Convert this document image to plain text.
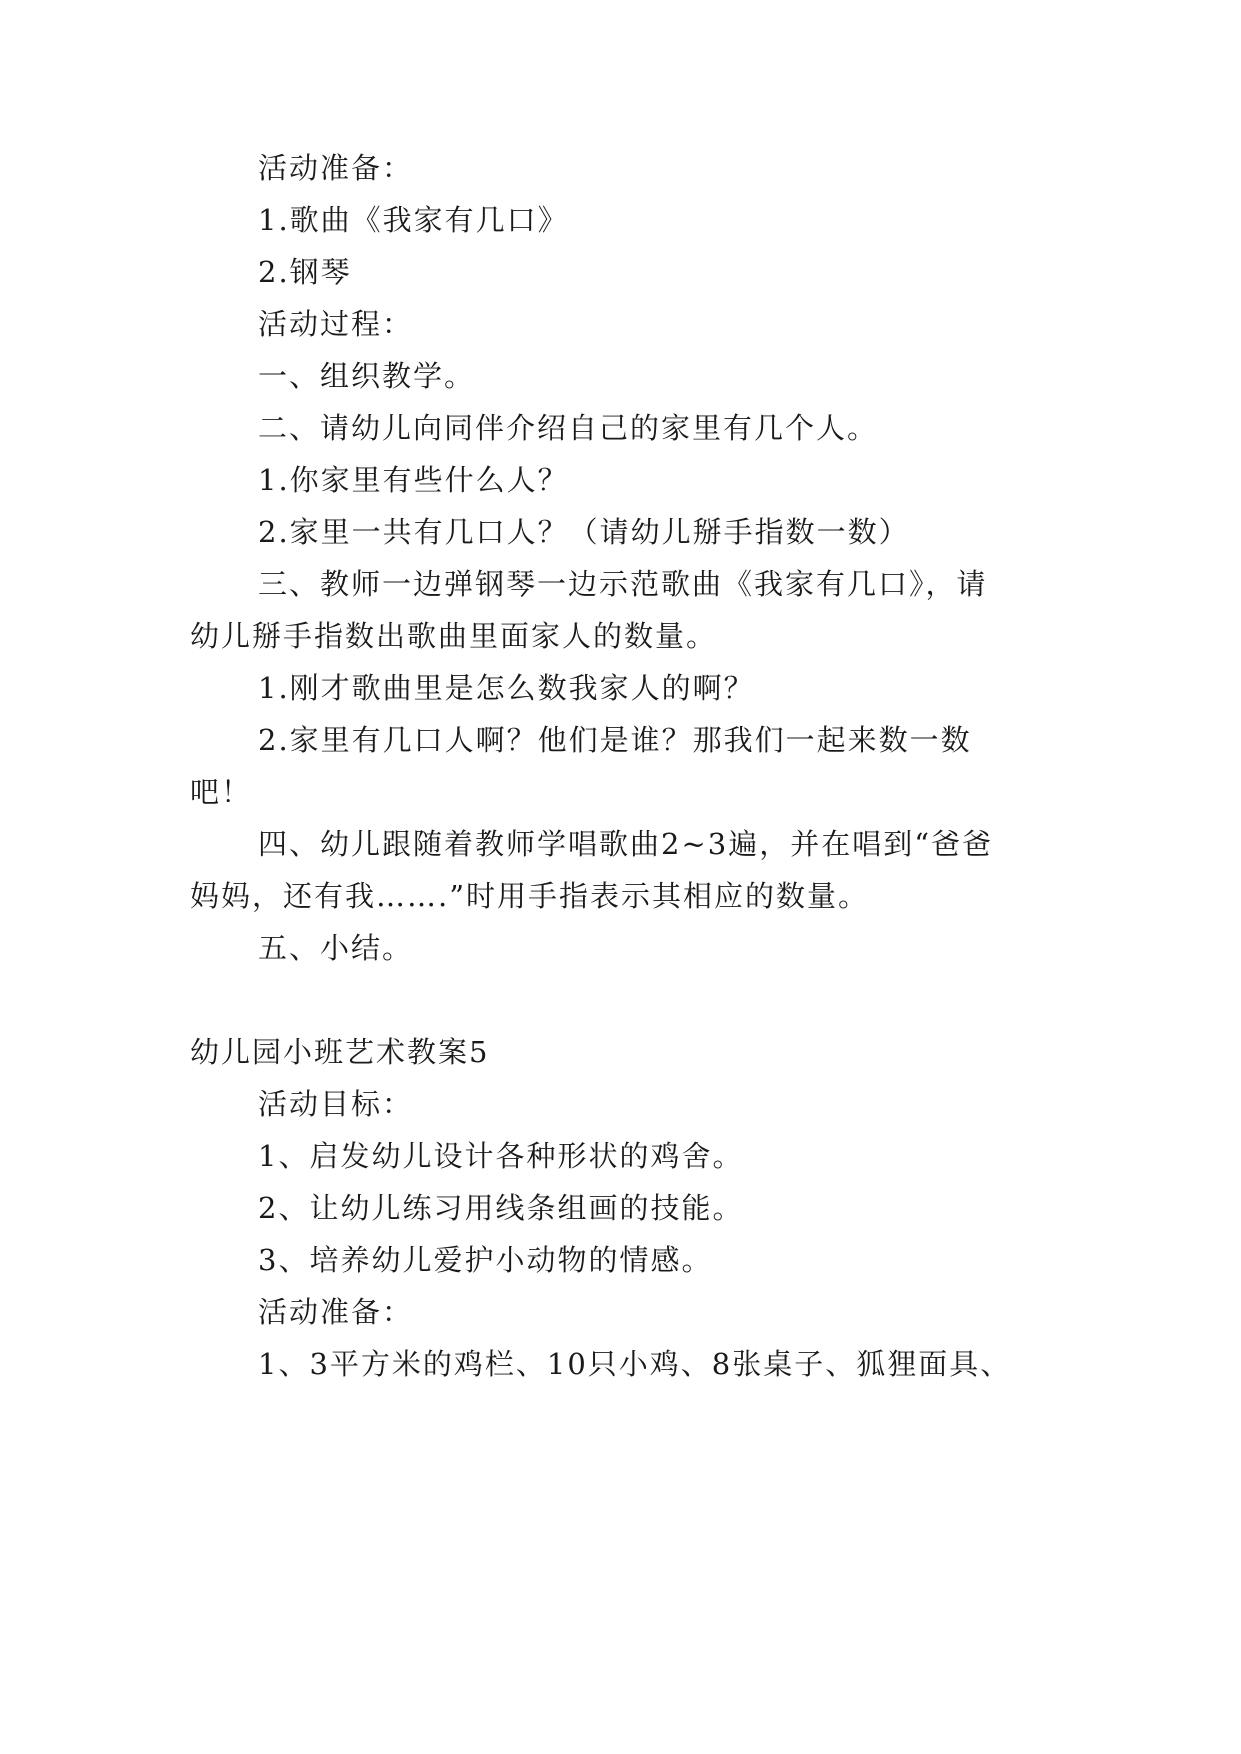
活动准备：
1.歌曲《我家有几口》
2.钢琴
活动过程：
一、组织教学。
二、请幼儿向同伴介绍自己的家里有几个人。
1.你家里有些什么人？
2.家里一共有几口人？（请幼儿掰手指数一数）
三、教师一边弹钢琴一边示范歌曲《我家有几口》，请
幼儿掰手指数出歌曲里面家人的数量。
1.刚才歌曲里是怎么数我家人的啊？
2.家里有几口人啊？他们是谁？那我们一起来数一数
吧！
四、幼儿跟随着教师学唱歌曲2~3遍，并在唱到“爸爸
妈妈，还有我…….”时用手指表示其相应的数量。
五、小结。
幼儿园小班艺术教案5
活动目标：
1、启发幼儿设计各种形状的鸡舍。
2、让幼儿练习用线条组画的技能。
3、培养幼儿爱护小动物的情感。
活动准备：
1、3平方米的鸡栏、10只小鸡、8张桌子、狐狸面具、
